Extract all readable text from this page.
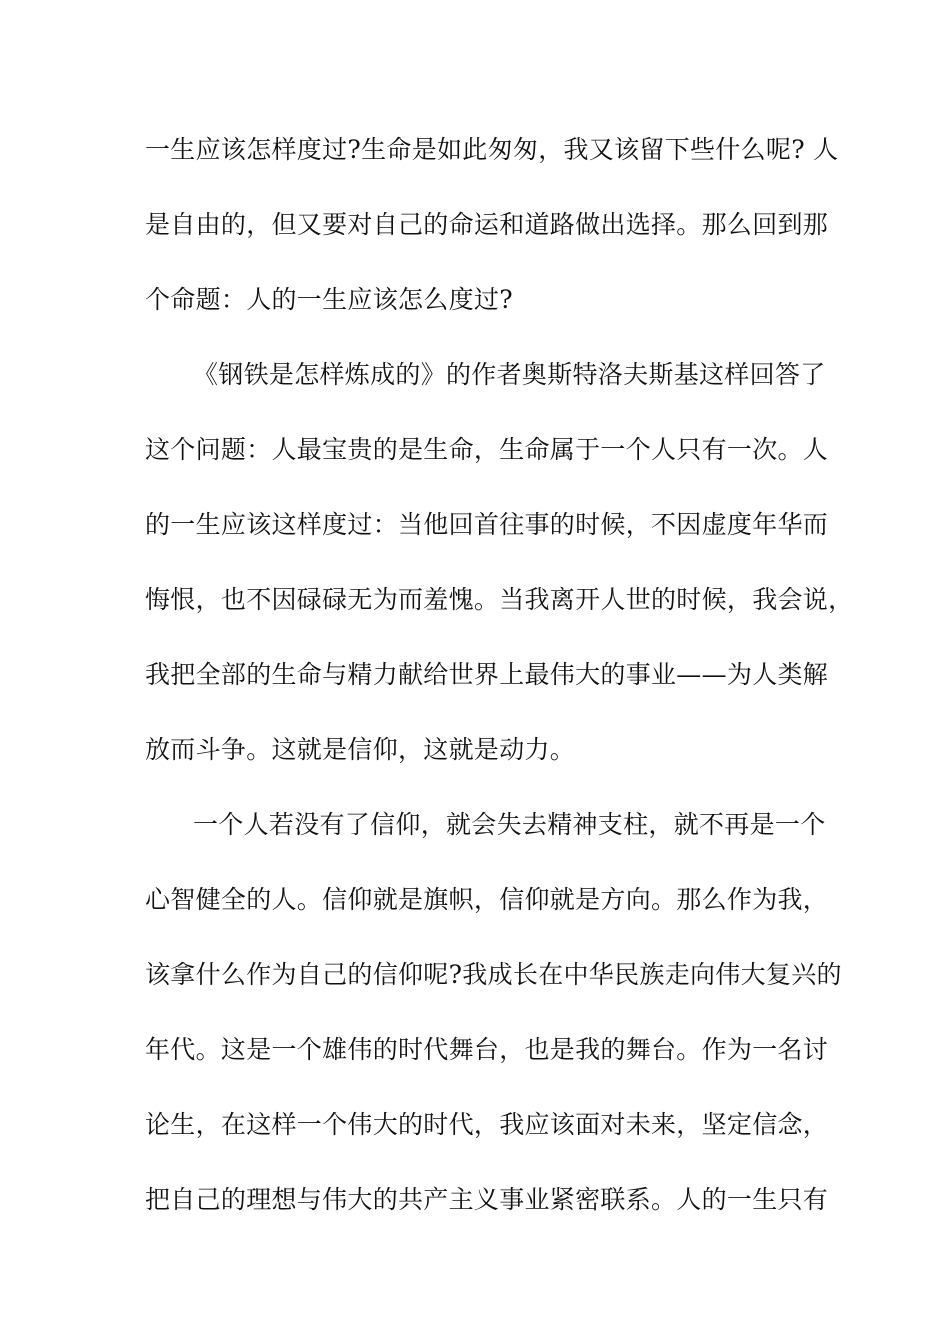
一生应该怎样度过?生命是如此匆匆，我又该留下些什么呢? 人
是自由的，但又要对自己的命运和道路做出选择。那么回到那
个命题：人的一生应该怎么度过?
《钢铁是怎样炼成的》的作者奥斯特洛夫斯基这样回答了
这个问题：人最宝贵的是生命，生命属于一个人只有一次。人
的一生应该这样度过：当他回首往事的时候，不因虚度年华而
悔恨，也不因碌碌无为而羞愧。当我离开人世的时候，我会说，
我把全部的生命与精力献给世界上最伟大的事业——为人类解
放而斗争。这就是信仰，这就是动力。
一个人若没有了信仰，就会失去精神支柱，就不再是一个
心智健全的人。信仰就是旗帜，信仰就是方向。那么作为我，
该拿什么作为自己的信仰呢?我成长在中华民族走向伟大复兴的
年代。这是一个雄伟的时代舞台，也是我的舞台。作为一名讨
论生，在这样一个伟大的时代，我应该面对未来，坚定信念，
把自己的理想与伟大的共产主义事业紧密联系。人的一生只有
